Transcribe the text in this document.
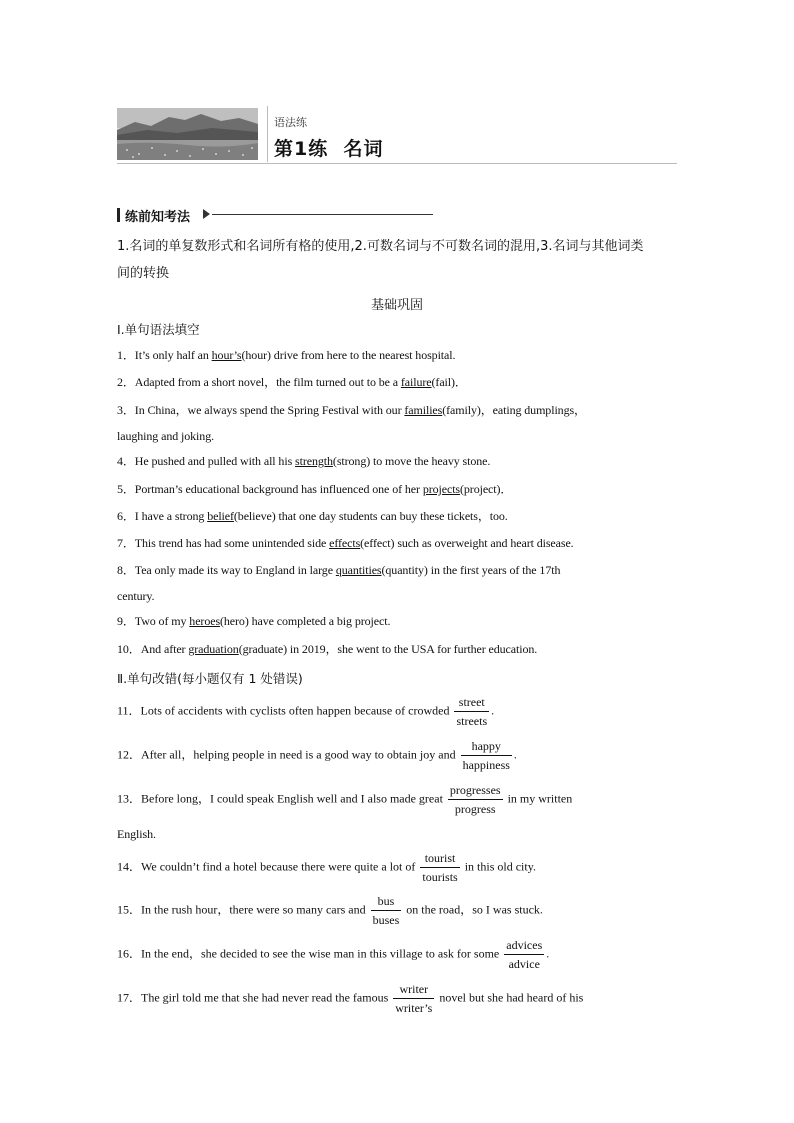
语法练
第1练  名词
练前知考法
1.名词的单复数形式和名词所有格的使用,2.可数名词与不可数名词的混用,3.名词与其他词类
间的转换
基础巩固
Ⅰ.单句语法填空
1．It’s only half an hour’s(hour) drive from here to the nearest hospital.
2．Adapted from a short novel，the film turned out to be a failure(fail)．
3．In China，we always spend the Spring Festival with our families(family)，eating dumplings，
laughing and joking.
4．He pushed and pulled with all his strength(strong) to move the heavy stone.
5．Portman’s educational background has influenced one of her projects(project)．
6．I have a strong belief(believe) that one day students can buy these tickets，too.
7．This trend has had some unintended side effects(effect) such as overweight and heart disease.
8．Tea only made its way to England in large quantities(quantity) in the first years of the 17th
century.
9．Two of my heroes(hero) have completed a big project.
10．And after graduation(graduate) in 2019，she went to the USA for further education.
Ⅱ.单句改错(每小题仅有 1 处错误)
11．Lots of accidents with cyclists often happen because of crowded
street
streets
.
12．After all，helping people in need is a good way to obtain joy and
happy
happiness
.
13．Before long，I could speak English well and I also made great
progresses
progress
in my written
English.
14．We couldn’t find a hotel because there were quite a lot of
tourist
tourists
in this old city.
15．In the rush hour，there were so many cars and
bus
buses
on the road，so I was stuck.
16．In the end，she decided to see the wise man in this village to ask for some
advices
advice
.
17．The girl told me that she had never read the famous
writer
writer’s
novel but she had heard of his
